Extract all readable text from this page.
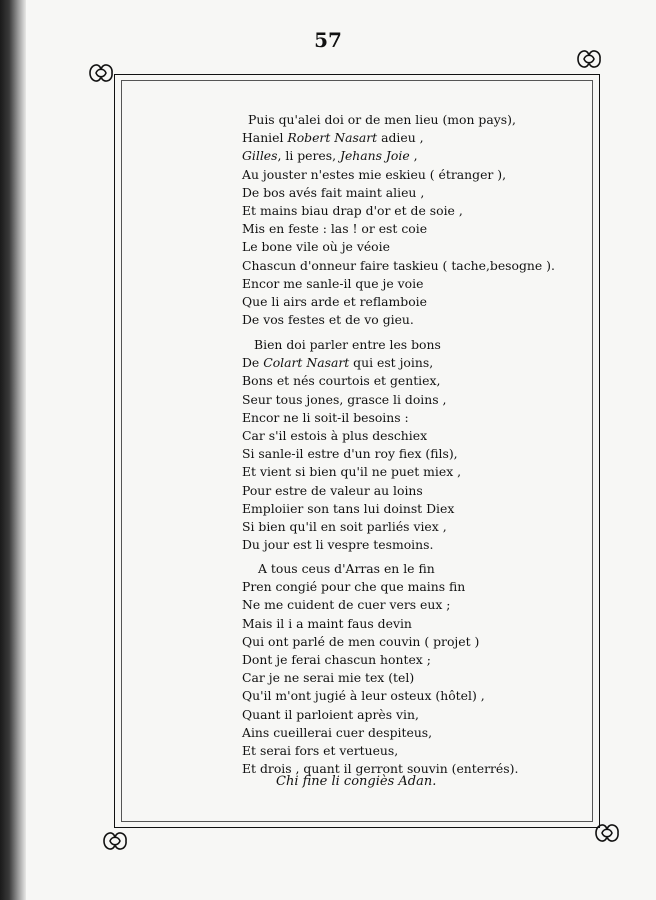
57
Puis qu'alei doi or de men lieu (mon pays),
Haniel Robert Nasart adieu ,
Gilles, li peres, Jehans Joie ,
Au jouster n'estes mie eskieu ( étranger ),
De bos avés fait maint alieu ,
Et mains biau drap d'or et de soie ,
Mis en feste : las ! or est coie
Le bone vile où je véoie
Chascun d'onneur faire taskieu ( tache,besogne ).
Encor me sanle-il que je voie
Que li airs arde et reflamboie
De vos festes et de vo gieu.
Bien doi parler entre les bons
De Colart Nasart qui est joins,
Bons et nés courtois et gentiex,
Seur tous jones, grasce li doins ,
Encor ne li soit-il besoins :
Car s'il estois à plus deschiex
Si sanle-il estre d'un roy fiex (fils),
Et vient si bien qu'il ne puet miex ,
Pour estre de valeur au loins
Emploiier son tans lui doinst Diex
Si bien qu'il en soit parliés viex ,
Du jour est li vespre tesmoins.
A tous ceus d'Arras en le fin
Pren congié pour che que mains fin
Ne me cuident de cuer vers eux ;
Mais il i a maint faus devin
Qui ont parlé de men couvin ( projet )
Dont je ferai chascun hontex ;
Car je ne serai mie tex (tel)
Qu'il m'ont jugié à leur osteux (hôtel) ,
Quant il parloient après vin,
Ains cueillerai cuer despiteus,
Et serai fors et vertueus,
Et drois , quant il gerront souvin (enterrés).
Chi fine li congiès Adan.
